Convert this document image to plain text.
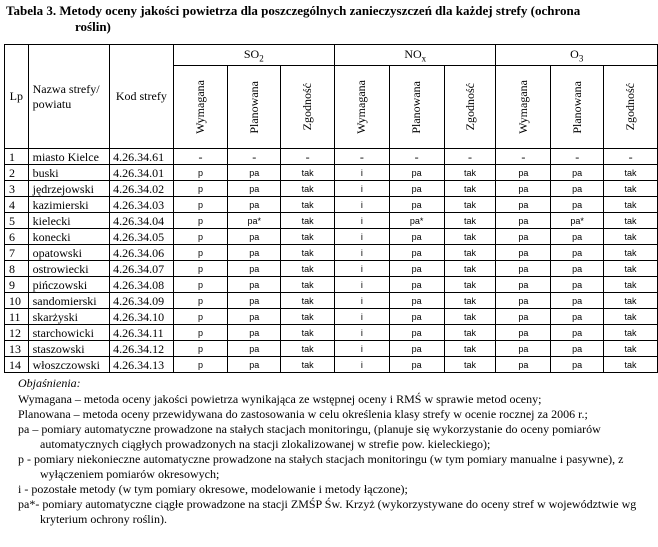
Tabela 3. Metody oceny jakości powietrza dla poszczególnych zanieczyszczeń dla każdej strefy (ochrona
roślin)
Lp	Nazwa strefy/ powiatu	Kod strefy	$SO_2$			$NO_x$			$O_3$

			Wymagana	Planowana	Zgodność	Wymagana	Planowana	Zgodność	Wymagana	Planowana	Zgodność

1	miasto Kielce	4.26.34.61	-	-	-	-	-	-	-	-	-
2	buski	4.26.34.01	p	pa	tak	i	pa	tak	pa	pa	tak
3	jędrzejowski	4.26.34.02	p	pa	tak	i	pa	tak	pa	pa	tak
4	kazimierski	4.26.34.03	p	pa	tak	i	pa	tak	pa	pa	tak
5	kielecki	4.26.34.04	p	pa*	tak	i	pa*	tak	pa	pa*	tak
6	konecki	4.26.34.05	p	pa	tak	i	pa	tak	pa	pa	tak
7	opatowski	4.26.34.06	p	pa	tak	i	pa	tak	pa	pa	tak
8	ostrowiecki	4.26.34.07	p	pa	tak	i	pa	tak	pa	pa	tak
9	pińczowski	4.26.34.08	p	pa	tak	i	pa	tak	pa	pa	tak
10	sandomierski	4.26.34.09	p	pa	tak	i	pa	tak	pa	pa	tak
11	skarżyski	4.26.34.10	p	pa	tak	i	pa	tak	pa	pa	tak
12	starchowicki	4.26.34.11	p	pa	tak	i	pa	tak	pa	pa	tak
13	staszowski	4.26.34.12	p	pa	tak	i	pa	tak	pa	pa	tak
14	włoszczowski	4.26.34.13	p	pa	tak	i	pa	tak	pa	pa	tak
Objaśnienia:
Wymagana – metoda oceny jakości powietrza wynikająca ze wstępnej oceny i RMŚ w sprawie metod oceny;
Planowana – metoda oceny przewidywana do zastosowania w celu określenia klasy strefy w ocenie rocznej za 2006 r.;
pa – pomiary automatyczne prowadzone na stałych stacjach monitoringu, (planuje się wykorzystanie do oceny pomiarów automatycznych ciągłych prowadzonych na stacji zlokalizowanej w strefie pow. kieleckiego);
p - pomiary niekonieczne automatyczne prowadzone na stałych stacjach monitoringu (w tym pomiary manualne i pasywne), z wyłączeniem pomiarów okresowych;
i - pozostałe metody (w tym pomiary okresowe, modelowanie i metody łączone);
pa*- pomiary automatyczne ciągłe prowadzone na stacji ZMŚP Św. Krzyż (wykorzystywane do oceny stref w województwie wg kryterium ochrony roślin).
